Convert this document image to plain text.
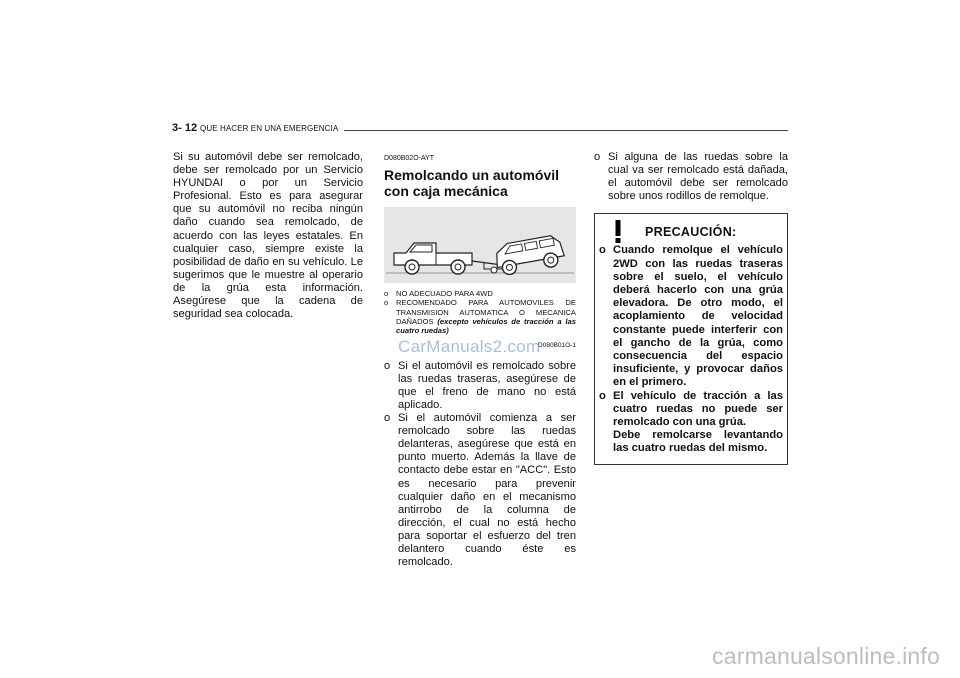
3- 12 QUE HACER EN UNA EMERGENCIA

Si su automóvil debe ser remolcado, debe ser remolcado por un Servicio HYUNDAI o por un Servicio Profesional. Esto es para asegurar que su automóvil no reciba ningún daño cuando sea remolcado, de acuerdo con las leyes estatales. En cualquier caso, siempre existe la posibilidad de daño en su vehículo. Le sugerimos que le muestre al operario de la grúa esta información. Asegúrese que la cadena de seguridad sea colocada.

D080B02O-AYT
Remolcando un automóvil con caja mecánica
o	NO ADECUADO PARA 4WD
o	RECOMENDADO PARA AUTOMOVILES DE TRANSMISION AUTOMATICA O MECANICA DAÑADOS (excepto vehículos de tracción a las cuatro ruedas)
D080B01O-1
o Si el automóvil es remolcado sobre las ruedas traseras, asegúrese de que el freno de mano no está aplicado.
o Si el automóvil comienza a ser remolcado sobre las ruedas delanteras, asegúrese que está en punto muerto. Además la llave de contacto debe estar en "ACC". Esto es necesario para prevenir cualquier daño en el mecanismo antirrobo de la columna de dirección, el cual no está hecho para soportar el esfuerzo del tren delantero cuando éste es remolcado.
o Si alguna de las ruedas sobre la cual va ser remolcado está dañada, el automóvil debe ser remolcado sobre unos rodillos de remolque.
PRECAUCIÓN:
o Cuando remolque el vehículo 2WD con las ruedas traseras sobre el suelo, el vehículo deberá hacerlo con una grúa elevadora. De otro modo, el acoplamiento de velocidad constante puede interferir con el gancho de la grúa, como consecuencia del espacio insuficiente, y provocar daños en el primero.
o El vehículo de tracción a las cuatro ruedas no puede ser remolcado con una grúa.
Debe remolcarse levantando las cuatro ruedas del mismo.
CarManuals2.com
carmanualsonline.info
